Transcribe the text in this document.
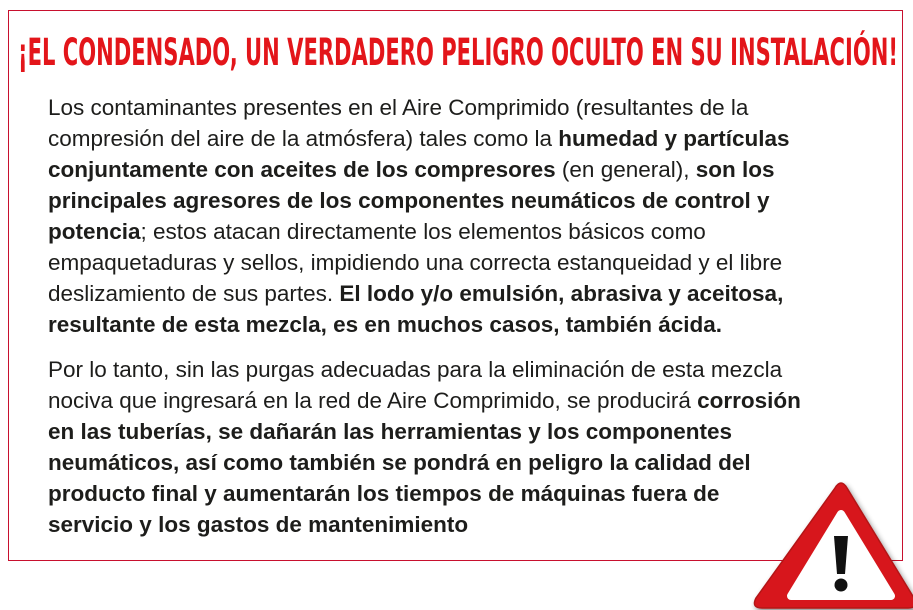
¡EL CONDENSADO, UN VERDADERO PELIGRO OCULTO EN SU INSTALACIÓN!

Los contaminantes presentes en el Aire Comprimido (resultantes de la
compresión del aire de la atmósfera) tales como la humedad y partículas
conjuntamente con aceites de los compresores (en general), son los
principales agresores de los componentes neumáticos de control y
potencia; estos atacan directamente los elementos básicos como
empaquetaduras y sellos, impidiendo una correcta estanqueidad y el libre
deslizamiento de sus partes. El lodo y/o emulsión, abrasiva y aceitosa,
resultante de esta mezcla, es en muchos casos, también ácida.

Por lo tanto, sin las purgas adecuadas para la eliminación de esta mezcla
nociva que ingresará en la red de Aire Comprimido, se producirá corrosión
en las tuberías, se dañarán las herramientas y los componentes
neumáticos, así como también se pondrá en peligro la calidad del
producto final y aumentarán los tiempos de máquinas fuera de
servicio y los gastos de mantenimiento
